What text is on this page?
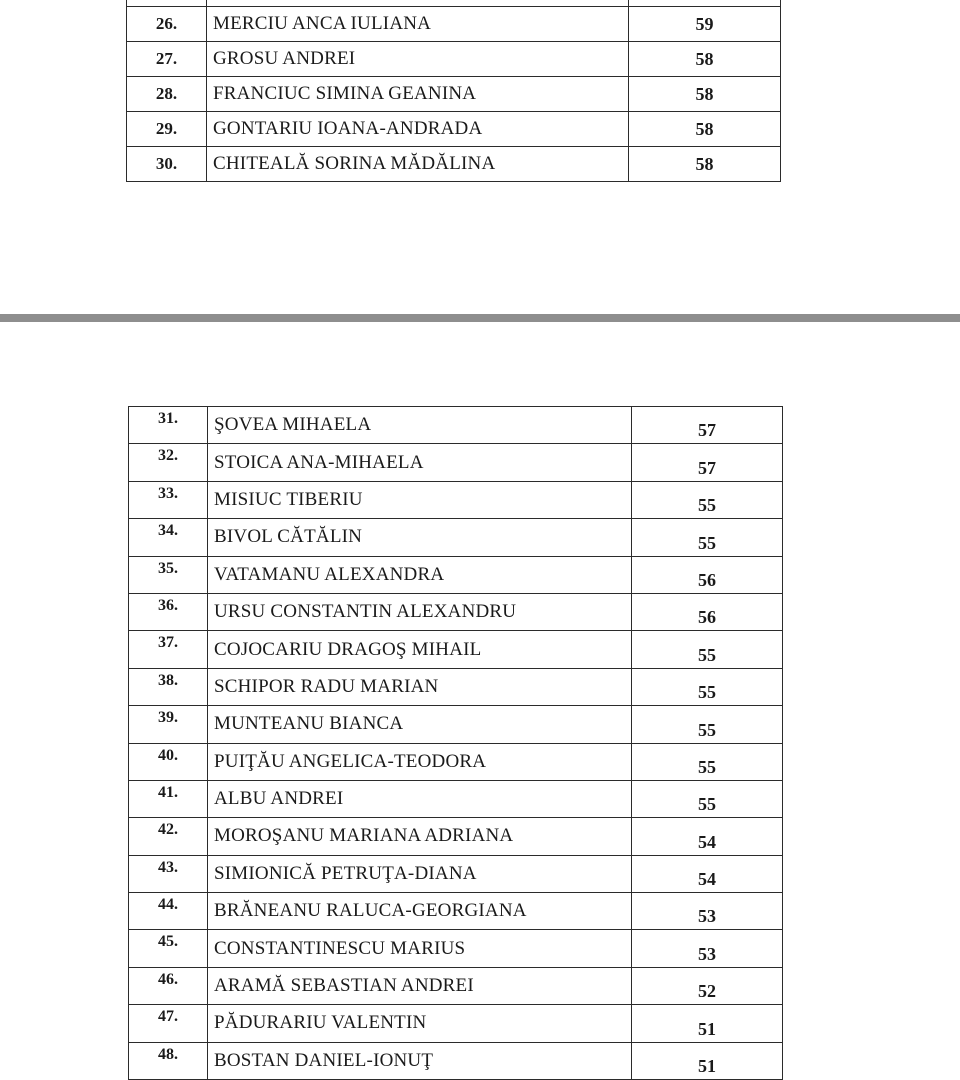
26.	MERCIU ANCA IULIANA	59
27.	GROSU ANDREI	58
28.	FRANCIUC SIMINA GEANINA	58
29.	GONTARIU IOANA-ANDRADA	58
30.	CHITEALĂ SORINA MĂDĂLINA	58
31.	ŞOVEA MIHAELA	57
32.	STOICA ANA-MIHAELA	57
33.	MISIUC TIBERIU	55
34.	BIVOL CĂTĂLIN	55
35.	VATAMANU ALEXANDRA	56
36.	URSU CONSTANTIN ALEXANDRU	56
37.	COJOCARIU DRAGOŞ MIHAIL	55
38.	SCHIPOR RADU MARIAN	55
39.	MUNTEANU BIANCA	55
40.	PUIŢĂU ANGELICA-TEODORA	55
41.	ALBU ANDREI	55
42.	MOROŞANU MARIANA ADRIANA	54
43.	SIMIONICĂ PETRUŢA-DIANA	54
44.	BRĂNEANU RALUCA-GEORGIANA	53
45.	CONSTANTINESCU MARIUS	53
46.	ARAMĂ SEBASTIAN ANDREI	52
47.	PĂDURARIU VALENTIN	51
48.	BOSTAN DANIEL-IONUŢ	51
